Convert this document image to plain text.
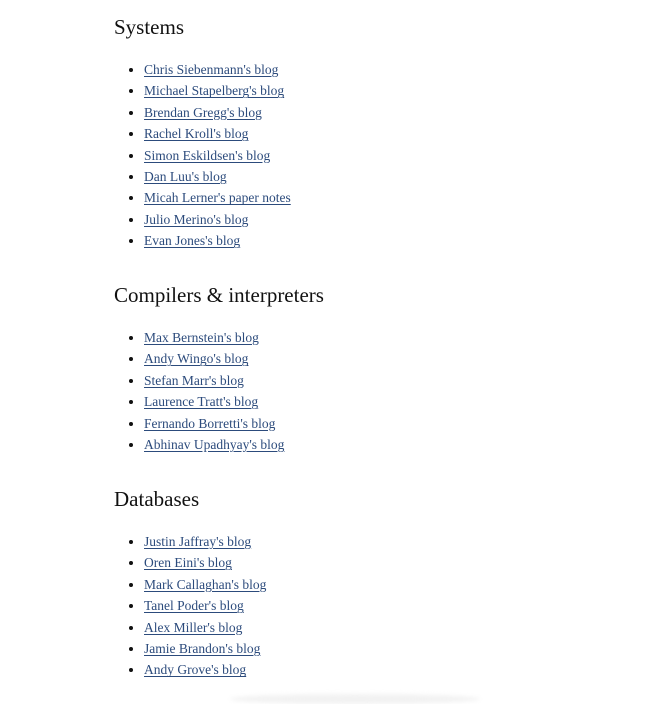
Systems
• Chris Siebenmann's blog
• Michael Stapelberg's blog
• Brendan Gregg's blog
• Rachel Kroll's blog
• Simon Eskildsen's blog
• Dan Luu's blog
• Micah Lerner's paper notes
• Julio Merino's blog
• Evan Jones's blog
Compilers & interpreters
• Max Bernstein's blog
• Andy Wingo's blog
• Stefan Marr's blog
• Laurence Tratt's blog
• Fernando Borretti's blog
• Abhinav Upadhyay's blog
Databases
• Justin Jaffray's blog
• Oren Eini's blog
• Mark Callaghan's blog
• Tanel Poder's blog
• Alex Miller's blog
• Jamie Brandon's blog
• Andy Grove's blog
